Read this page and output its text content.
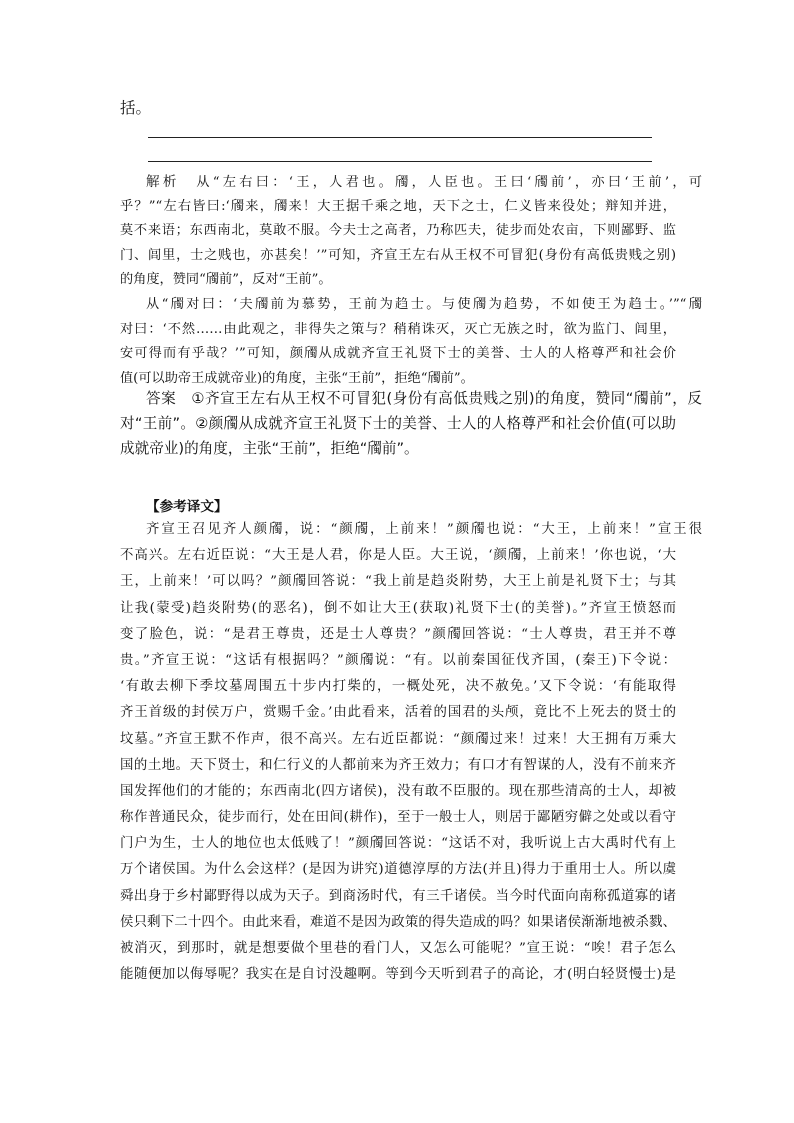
括。
解析　 从“左右曰：‘王，人君也。斶，人臣也。王曰‘斶前’，亦曰‘王前’，可
乎？”“左右皆曰:‘斶来，斶来！大王据千乘之地，天下之士，仁义皆来役处；辩知并进，
莫不来语；东西南北，莫敢不服。今夫士之高者，乃称匹夫，徒步而处农亩，下则鄙野、监
门、闾里，士之贱也，亦甚矣！’”可知，齐宣王左右从王权不可冒犯(身份有高低贵贱之别)
的角度，赞同“斶前”，反对“王前”。
从“斶对曰：‘夫斶前为慕势，王前为趋士。与使斶为趋势，不如使王为趋士。’”“斶
对曰：‘不然……由此观之，非得失之策与？稍稍诛灭，灭亡无族之时，欲为监门、闾里，
安可得而有乎哉？’”可知，颜斶从成就齐宣王礼贤下士的美誉、士人的人格尊严和社会价
值(可以助帝王成就帝业)的角度，主张“王前”，拒绝“斶前”。
答案　 ①齐宣王左右从王权不可冒犯(身份有高低贵贱之别)的角度，赞同“斶前”，反
对“王前”。②颜斶从成就齐宣王礼贤下士的美誉、士人的人格尊严和社会价值(可以助
成就帝业)的角度，主张“王前”，拒绝“斶前”。
【参考译文】
齐宣王召见齐人颜斶，说：“颜斶，上前来！”颜斶也说：“大王，上前来！”宣王很
不高兴。左右近臣说：“大王是人君，你是人臣。大王说，‘颜斶，上前来！’你也说，‘大
王，上前来！’可以吗？”颜斶回答说：“我上前是趋炎附势，大王上前是礼贤下士；与其
让我(蒙受)趋炎附势(的恶名)，倒不如让大王(获取)礼贤下士(的美誉)。”齐宣王愤怒而
变了脸色，说：“是君王尊贵，还是士人尊贵？”颜斶回答说：“士人尊贵，君王并不尊
贵。”齐宣王说：“这话有根据吗？”颜斶说：“有。以前秦国征伐齐国，(秦王)下令说：
‘有敢去柳下季坟墓周围五十步内打柴的，一概处死，决不赦免。’又下令说：‘有能取得
齐王首级的封侯万户，赏赐千金。’由此看来，活着的国君的头颅，竟比不上死去的贤士的
坟墓。”齐宣王默不作声，很不高兴。左右近臣都说：“颜斶过来！过来！大王拥有万乘大
国的土地。天下贤士，和仁行义的人都前来为齐王效力；有口才有智谋的人，没有不前来齐
国发挥他们的才能的；东西南北(四方诸侯)，没有敢不臣服的。现在那些清高的士人，却被
称作普通民众，徒步而行，处在田间(耕作)，至于一般士人，则居于鄙陋穷僻之处或以看守
门户为生，士人的地位也太低贱了！”颜斶回答说：“这话不对，我听说上古大禹时代有上
万个诸侯国。为什么会这样？(是因为讲究)道德淳厚的方法(并且)得力于重用士人。所以虞
舜出身于乡村鄙野得以成为天子。到商汤时代，有三千诸侯。当今时代面向南称孤道寡的诸
侯只剩下二十四个。由此来看，难道不是因为政策的得失造成的吗？如果诸侯渐渐地被杀戮、
被消灭，到那时，就是想要做个里巷的看门人，又怎么可能呢？”宣王说：“唉！君子怎么
能随便加以侮辱呢？我实在是自讨没趣啊。等到今天听到君子的高论，才(明白轻贤慢士)是
